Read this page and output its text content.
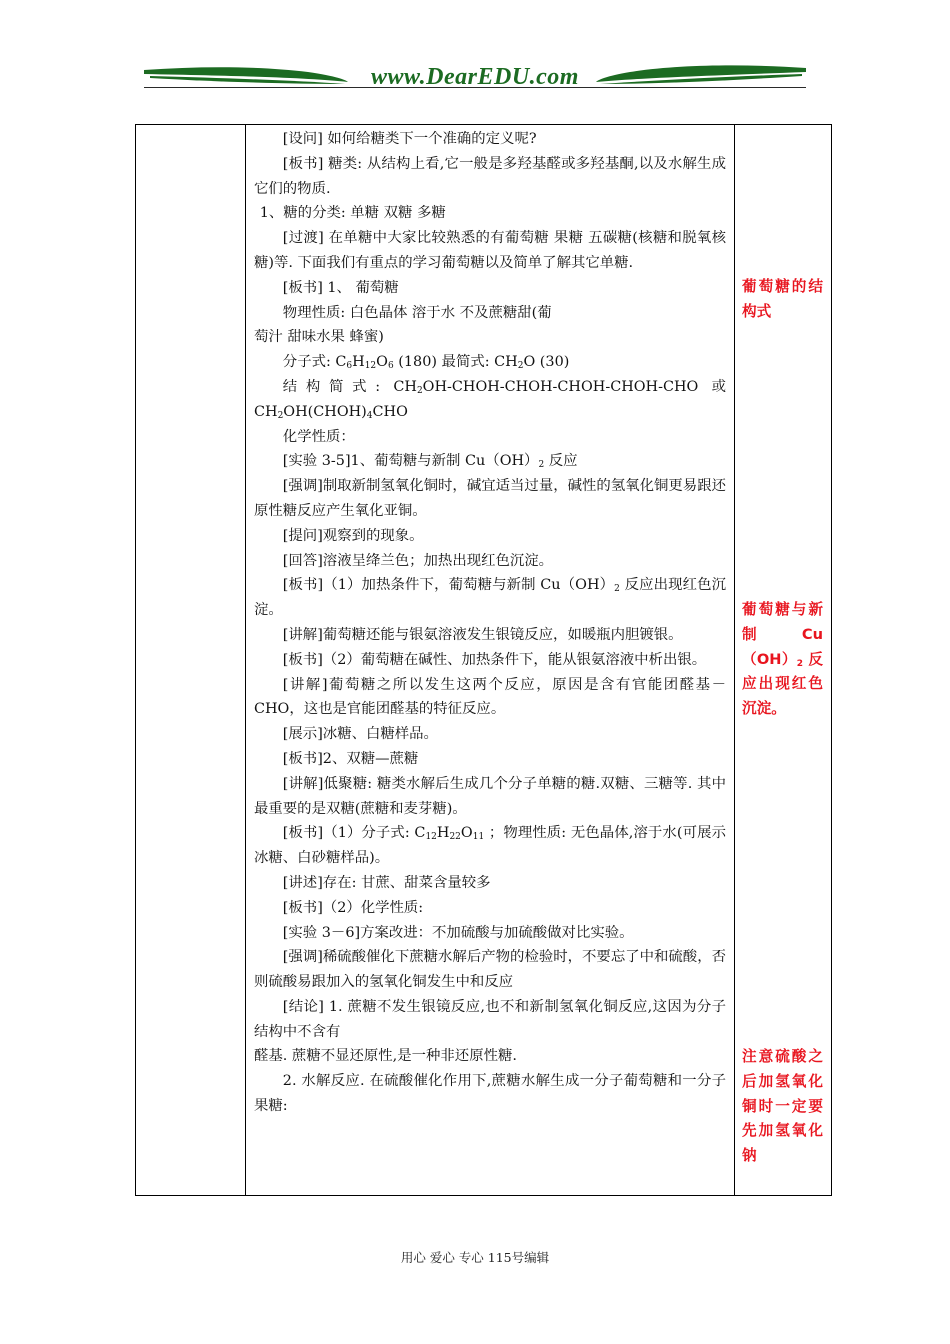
www.DearEDU.com

[设问] 如何给糖类下一个准确的定义呢?

[板书] 糖类: 从结构上看,它一般是多羟基醛或多羟基酮,以及水解生成它们的物质.

1、糖的分类: 单糖 双糖 多糖

[过渡] 在单糖中大家比较熟悉的有葡萄糖 果糖 五碳糖(核糖和脱氧核糖)等. 下面我们有重点的学习葡萄糖以及简单了解其它单糖.

[板书] 1、 葡萄糖

物理性质: 白色晶体 溶于水 不及蔗糖甜(葡

萄汁 甜味水果 蜂蜜)

分子式: $C_6H_{12}O_6$ (180) 最简式: $CH_2O$ (30)

结构简式: $CH_2OH-CHOH-CHOH-CHOH-CHOH$-CHO 或 $CH_2OH(CHOH)_4CHO$

化学性质：

[实验 3-5]1、葡萄糖与新制 $Cu(OH)_2$ 反应

[强调]制取新制氢氧化铜时，碱宜适当过量，碱性的氢氧化铜更易跟还原性糖反应产生氧化亚铜。

[提问]观察到的现象。

[回答]溶液呈绛兰色；加热出现红色沉淀。

[板书]（1）加热条件下，葡萄糖与新制 $Cu(OH)_2$ 反应出现红色沉淀。

[讲解]葡萄糖还能与银氨溶液发生银镜反应，如暖瓶内胆镀银。

[板书]（2）葡萄糖在碱性、加热条件下，能从银氨溶液中析出银。

[讲解]葡萄糖之所以发生这两个反应，原因是含有官能团醛基－CHO，这也是官能团醛基的特征反应。

[展示]冰糖、白糖样品。

[板书]2、双糖—蔗糖

[讲解]低聚糖: 糖类水解后生成几个分子单糖的糖.双糖、三糖等. 其中最重要的是双糖(蔗糖和麦芽糖)。

[板书]（1）分子式: $C_{12}H_{22}O_{11}$ ；物理性质: 无色晶体,溶于水(可展示冰糖、白砂糖样品)。

[讲述]存在: 甘蔗、甜菜含量较多

[板书]（2）化学性质:

[实验 3－6]方案改进：不加硫酸与加硫酸做对比实验。

[强调]稀硫酸催化下蔗糖水解后产物的检验时，不要忘了中和硫酸，否则硫酸易跟加入的氢氧化铜发生中和反应

[结论] 1. 蔗糖不发生银镜反应,也不和新制氢氧化铜反应,这因为分子结构中不含有

醛基. 蔗糖不显还原性,是一种非还原性糖.

2. 水解反应. 在硫酸催化作用下,蔗糖水解生成一分子葡萄糖和一分子果糖:

葡萄糖的结构式
葡萄糖与新制 $Cu(OH)_2$ 反应出现红色沉淀。
注意硫酸之后加氢氧化铜时一定要先加氢氧化钠
用心 爱心 专心 115号编辑
